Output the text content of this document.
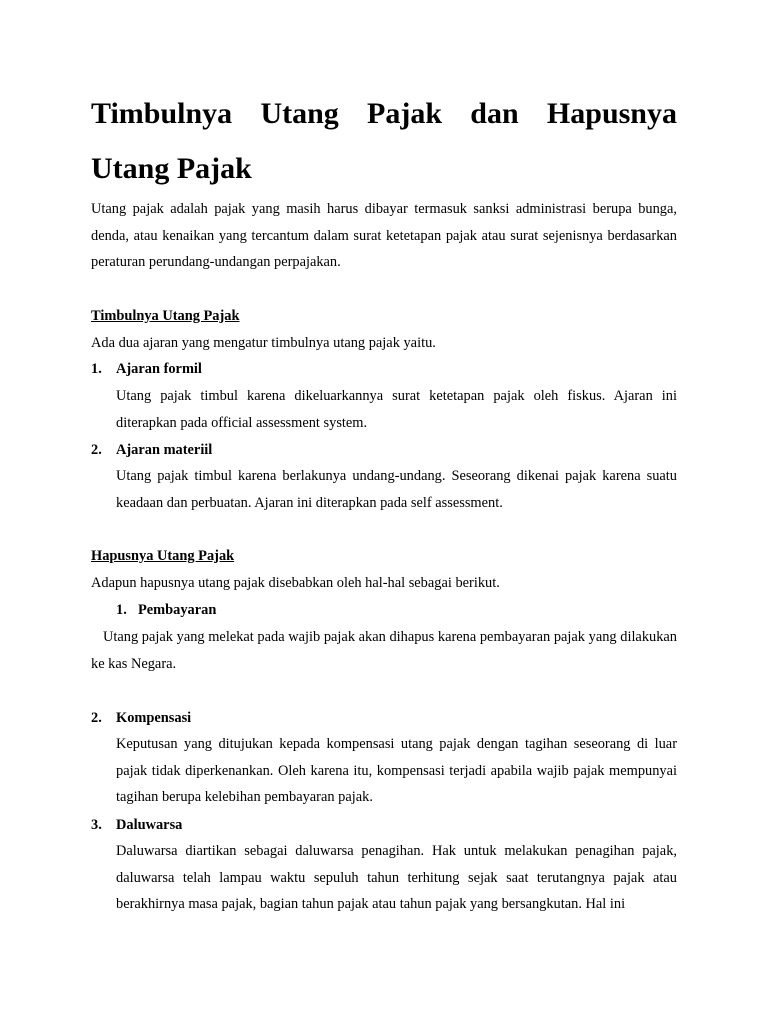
Timbulnya Utang Pajak dan Hapusnya Utang Pajak

Utang pajak adalah pajak yang masih harus dibayar termasuk sanksi administrasi berupa bunga, denda, atau kenaikan yang tercantum dalam surat ketetapan pajak atau surat sejenisnya berdasarkan peraturan perundang-undangan perpajakan.

Timbulnya Utang Pajak

Ada dua ajaran yang mengatur timbulnya utang pajak yaitu.

1. Ajaran formil

Utang pajak timbul karena dikeluarkannya surat ketetapan pajak oleh fiskus. Ajaran ini diterapkan pada official assessment system.

2. Ajaran materiil

Utang pajak timbul karena berlakunya undang-undang. Seseorang dikenai pajak karena suatu keadaan dan perbuatan. Ajaran ini diterapkan pada self assessment.

Hapusnya Utang Pajak

Adapun hapusnya utang pajak disebabkan oleh hal-hal sebagai berikut.

1. Pembayaran

Utang pajak yang melekat pada wajib pajak akan dihapus karena pembayaran pajak yang dilakukan ke kas Negara.

2. Kompensasi

Keputusan yang ditujukan kepada kompensasi utang pajak dengan tagihan seseorang di luar pajak tidak diperkenankan. Oleh karena itu, kompensasi terjadi apabila wajib pajak mempunyai tagihan berupa kelebihan pembayaran pajak.

3. Daluwarsa

Daluwarsa diartikan sebagai daluwarsa penagihan. Hak untuk melakukan penagihan pajak, daluwarsa telah lampau waktu sepuluh tahun terhitung sejak saat terutangnya pajak atau berakhirnya masa pajak, bagian tahun pajak atau tahun pajak yang bersangkutan. Hal ini
